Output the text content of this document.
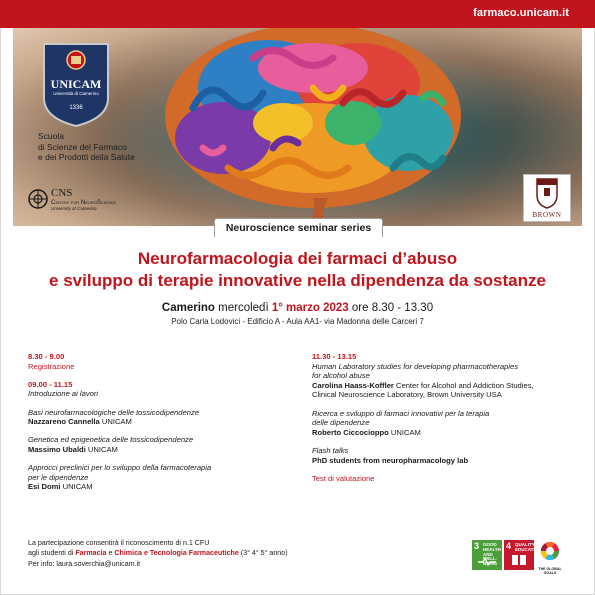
farmaco.unicam.it
UNICAM
Università di Camerino
1336
Scuola
di Scienze del Farmaco
e dei Prodotti della Salute
CNS
Center for NeuroScience
University of Camerino
BROWN
Neuroscience seminar series
Neurofarmacologia dei farmaci d’abuso
e sviluppo di terapie innovative nella dipendenza da sostanze
Camerino mercoledì 1° marzo 2023 ore 8.30 - 13.30
Polo Carla Lodovici - Edificio A - Aula AA1- via Madonna delle Carceri 7
8.30 - 9.00
Registrazione
09.00 - 11.15
Introduzione ai lavori
Basi neurofarmacologiche delle tossicodipendenze
Nazzareno Cannella UNICAM
Genetica ed epigenetica delle tossicodipendenze
Massimo Ubaldi UNICAM
Approcci preclinici per lo sviluppo della farmacoterapia
per le dipendenze
Esi Domi UNICAM
11.30 - 13.15
Human Laboratory studies for developing pharmacotherapies
for alcohol abuse
Carolina Haass-Koffler Center for Alcohol and Addiction Studies,
Clinical Neuroscience Laboratory, Brown University USA
Ricerca e sviluppo di farmaci innovativi per la terapia
delle dipendenze
Roberto Ciccocioppo UNICAM
Flash talks
PhD students from neuropharmacology lab
Test di valutazione
La partecipazione consentirà il riconoscimento di n.1 CFU
agli studenti di Farmacia e Chimica e Tecnologia Farmaceutiche (3° 4° 5° anno)
Per info: laura.soverchia@unicam.it
3 GOOD HEALTH AND WELL-BEING
4 QUALITY EDUCATION
THE GLOBAL GOALS
